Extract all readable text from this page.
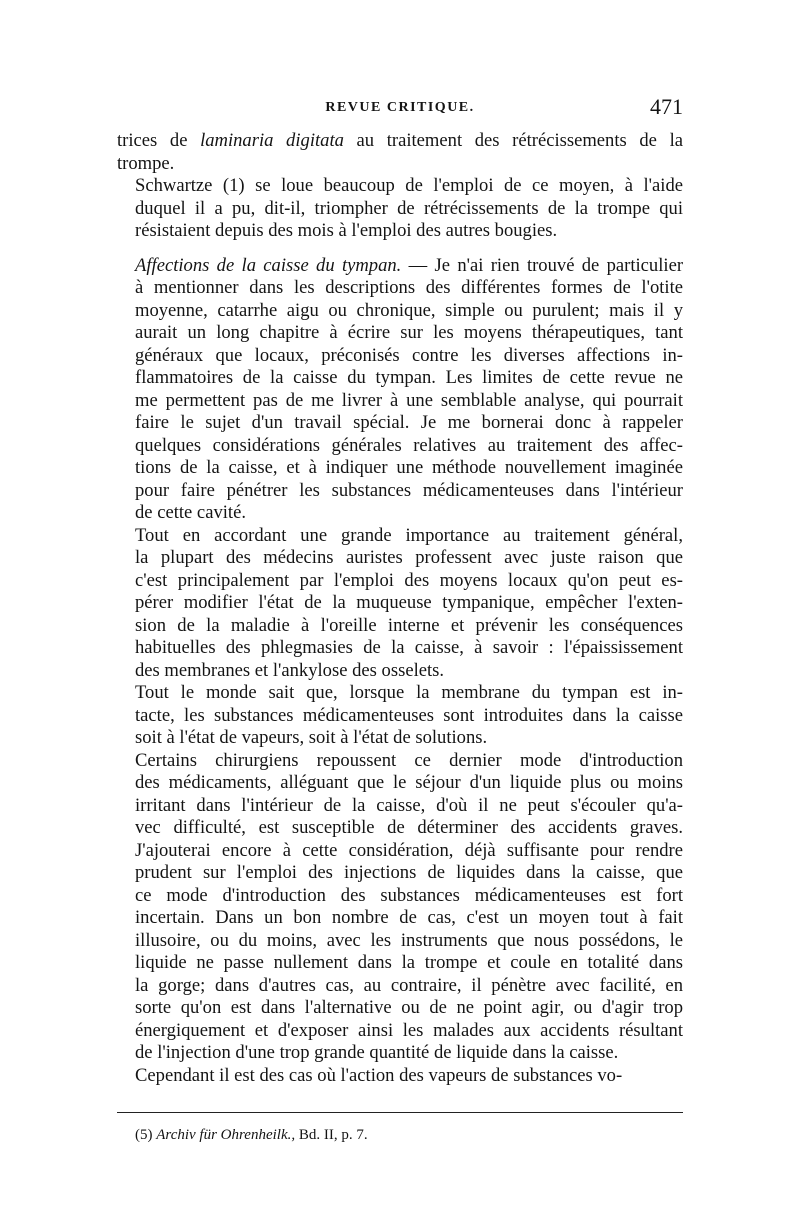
REVUE CRITIQUE.	471

trices de laminaria digitata au traitement des rétrécissements de la
trompe.

Schwartze (1) se loue beaucoup de l'emploi de ce moyen, à l'aide
duquel il a pu, dit-il, triompher de rétrécissements de la trompe qui
résistaient depuis des mois à l'emploi des autres bougies.

Affections de la caisse du tympan. — Je n'ai rien trouvé de particulier
à mentionner dans les descriptions des différentes formes de l'otite
moyenne, catarrhe aigu ou chronique, simple ou purulent; mais il y
aurait un long chapitre à écrire sur les moyens thérapeutiques, tant
généraux que locaux, préconisés contre les diverses affections in-
flammatoires de la caisse du tympan. Les limites de cette revue ne
me permettent pas de me livrer à une semblable analyse, qui pourrait
faire le sujet d'un travail spécial. Je me bornerai donc à rappeler
quelques considérations générales relatives au traitement des affec-
tions de la caisse, et à indiquer une méthode nouvellement imaginée
pour faire pénétrer les substances médicamenteuses dans l'intérieur
de cette cavité.

Tout en accordant une grande importance au traitement général,
la plupart des médecins auristes professent avec juste raison que
c'est principalement par l'emploi des moyens locaux qu'on peut es-
pérer modifier l'état de la muqueuse tympanique, empêcher l'exten-
sion de la maladie à l'oreille interne et prévenir les conséquences
habituelles des phlegmasies de la caisse, à savoir : l'épaississement
des membranes et l'ankylose des osselets.

Tout le monde sait que, lorsque la membrane du tympan est in-
tacte, les substances médicamenteuses sont introduites dans la caisse
soit à l'état de vapeurs, soit à l'état de solutions.

Certains chirurgiens repoussent ce dernier mode d'introduction
des médicaments, alléguant que le séjour d'un liquide plus ou moins
irritant dans l'intérieur de la caisse, d'où il ne peut s'écouler qu'a-
vec difficulté, est susceptible de déterminer des accidents graves.
J'ajouterai encore à cette considération, déjà suffisante pour rendre
prudent sur l'emploi des injections de liquides dans la caisse, que
ce mode d'introduction des substances médicamenteuses est fort
incertain. Dans un bon nombre de cas, c'est un moyen tout à fait
illusoire, ou du moins, avec les instruments que nous possédons, le
liquide ne passe nullement dans la trompe et coule en totalité dans
la gorge; dans d'autres cas, au contraire, il pénètre avec facilité, en
sorte qu'on est dans l'alternative ou de ne point agir, ou d'agir trop
énergiquement et d'exposer ainsi les malades aux accidents résultant
de l'injection d'une trop grande quantité de liquide dans la caisse.

Cependant il est des cas où l'action des vapeurs de substances vo-

(5) Archiv für Ohrenheilk., Bd. II, p. 7.
